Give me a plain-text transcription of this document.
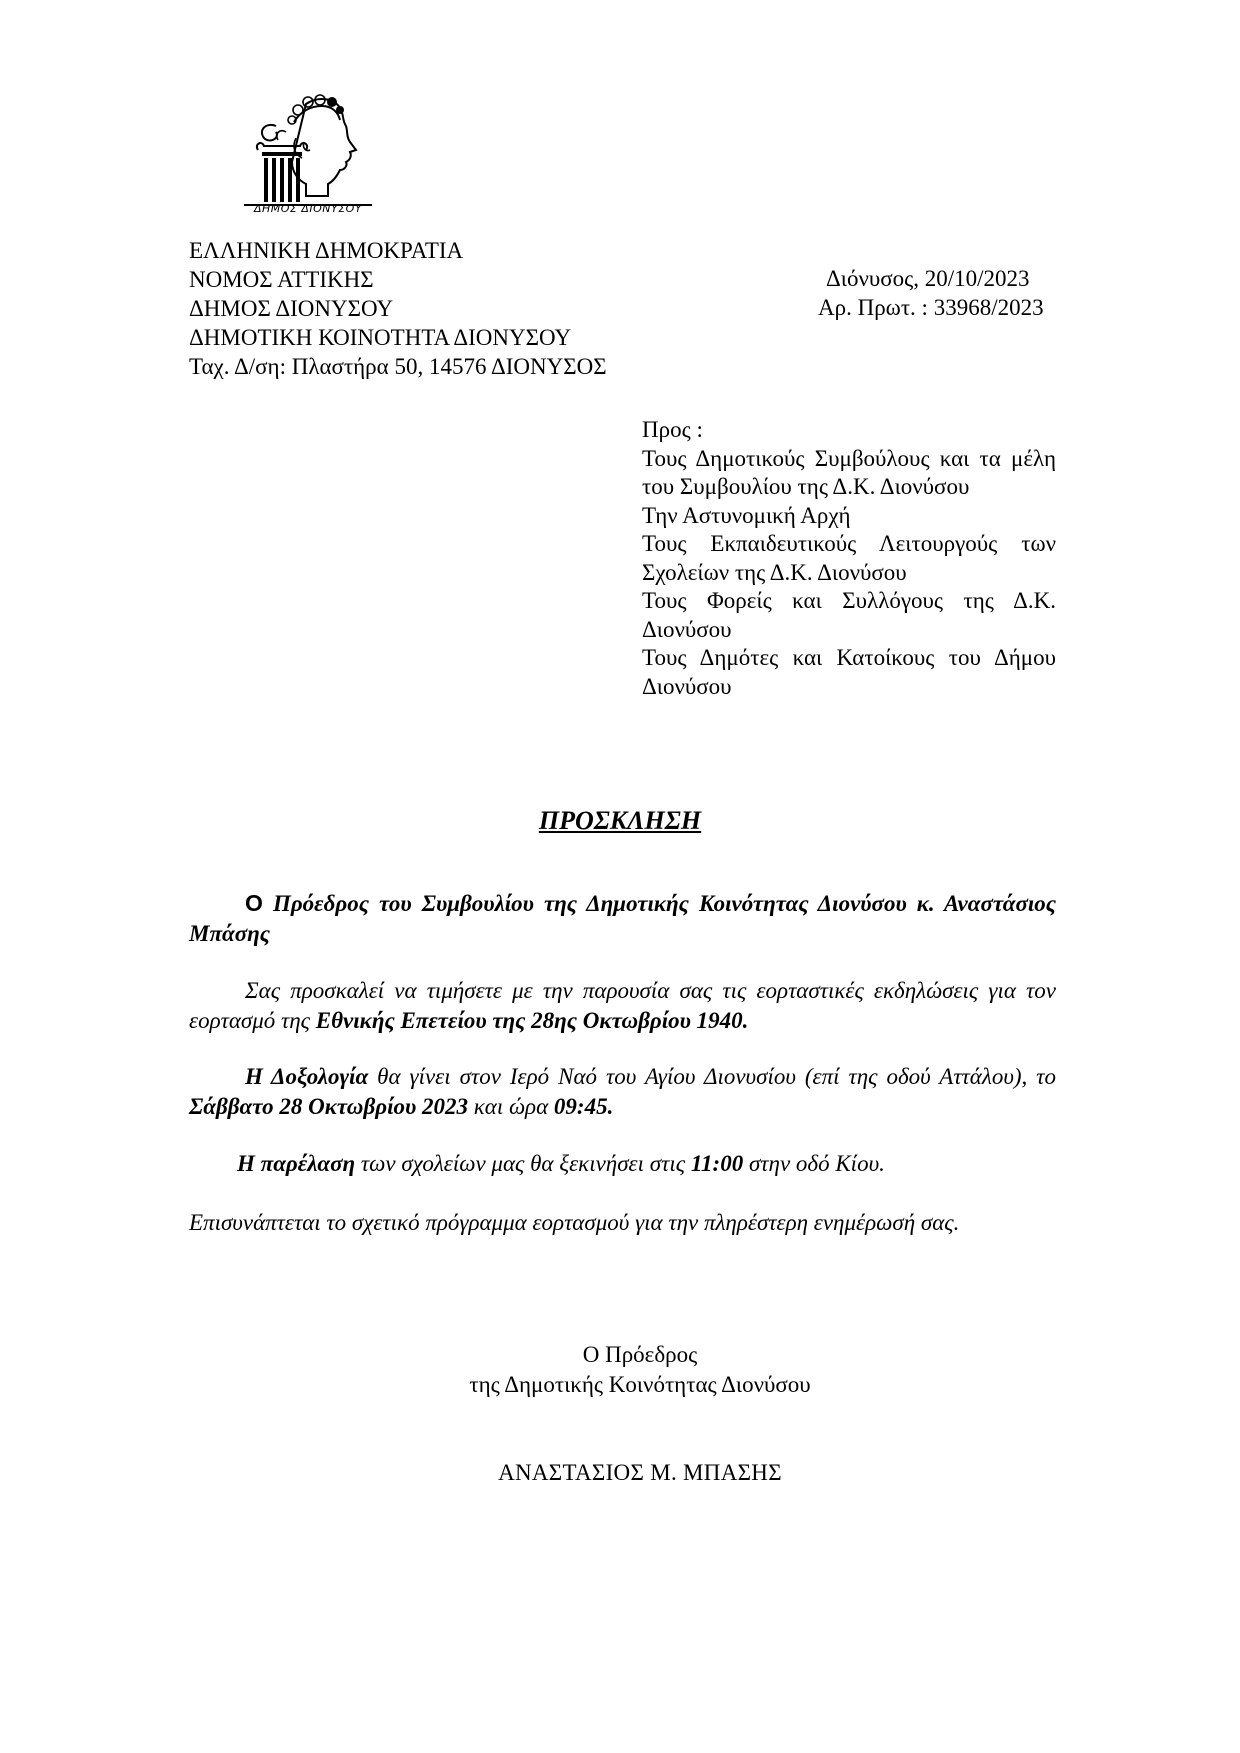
ΔΗΜΟΣ ΔΙΟΝΥΣΟΥ
ΕΛΛΗΝΙΚΗ ΔΗΜΟΚΡΑΤΙΑ
ΝΟΜΟΣ ΑΤΤΙΚΗΣ
ΔΗΜΟΣ ΔΙΟΝΥΣΟΥ
ΔΗΜΟΤΙΚΗ ΚΟΙΝΟΤΗΤΑ ΔΙΟΝΥΣΟΥ
Ταχ. Δ/ση: Πλαστήρα 50, 14576 ΔΙΟΝΥΣΟΣ
Διόνυσος, 20/10/2023
Αρ. Πρωτ. : 33968/2023
Προς :
Τους Δημοτικούς Συμβούλους και τα μέλη του Συμβουλίου της Δ.Κ. Διονύσου
Την Αστυνομική Αρχή
Τους Εκπαιδευτικούς Λειτουργούς των Σχολείων της Δ.Κ. Διονύσου
Τους Φορείς και Συλλόγους της Δ.Κ. Διονύσου
Τους Δημότες και Κατοίκους του Δήμου Διονύσου
ΠΡΟΣΚΛΗΣΗ
Ο Πρόεδρος του Συμβουλίου της Δημοτικής Κοινότητας Διονύσου κ. Αναστάσιος Μπάσης
Σας προσκαλεί να τιμήσετε με την παρουσία σας τις εορταστικές εκδηλώσεις για τον εορτασμό της Εθνικής Επετείου της 28ης Οκτωβρίου 1940.
Η Δοξολογία θα γίνει στον Ιερό Ναό του Αγίου Διονυσίου (επί της οδού Αττάλου), το Σάββατο 28 Οκτωβρίου 2023 και ώρα 09:45.
Η παρέλαση των σχολείων μας θα ξεκινήσει στις 11:00 στην οδό Κίου.
Επισυνάπτεται το σχετικό πρόγραμμα εορτασμού για την πληρέστερη ενημέρωσή σας.
Ο Πρόεδρος
της Δημοτικής Κοινότητας Διονύσου
ΑΝΑΣΤΑΣΙΟΣ Μ. ΜΠΑΣΗΣ
